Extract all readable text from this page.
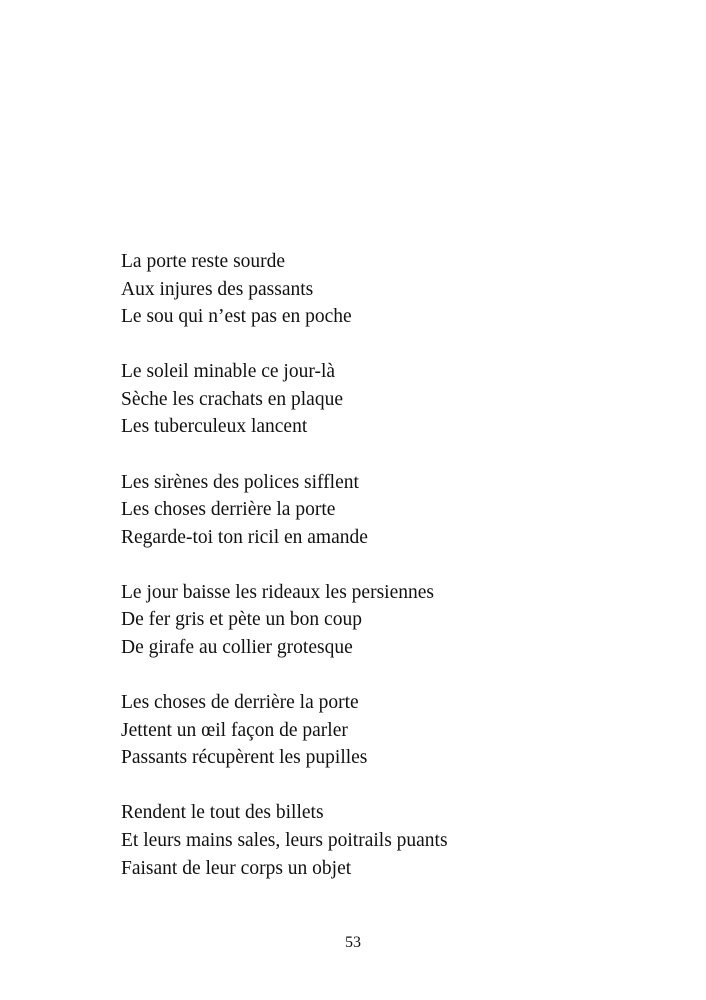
La porte reste sourde
Aux injures des passants
Le sou qui n’est pas en poche
Le soleil minable ce jour-là
Sèche les crachats en plaque
Les tuberculeux lancent
Les sirènes des polices sifflent
Les choses derrière la porte
Regarde-toi ton ricil en amande
Le jour baisse les rideaux les persiennes
De fer gris et pète un bon coup
De girafe au collier grotesque
Les choses de derrière la porte
Jettent un œil façon de parler
Passants récupèrent les pupilles
Rendent le tout des billets
Et leurs mains sales, leurs poitrails puants
Faisant de leur corps un objet
53
